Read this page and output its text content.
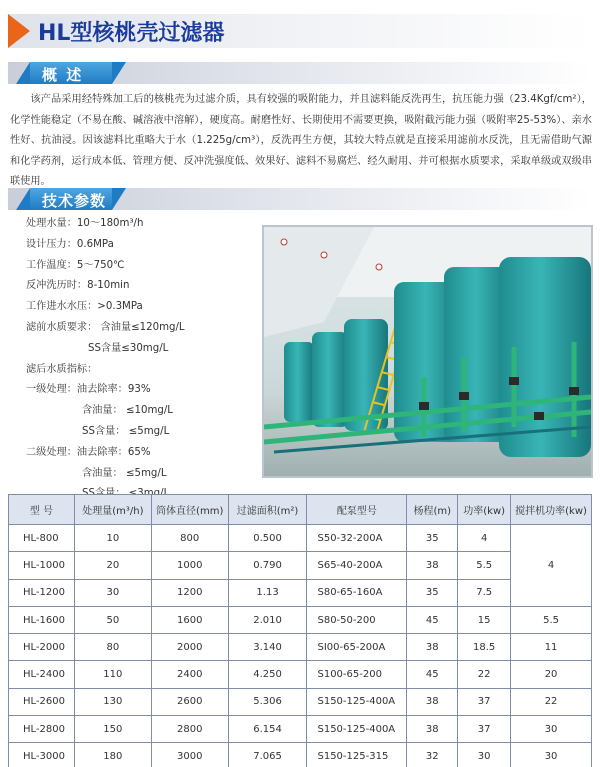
HL型核桃壳过滤器
概 述

该产品采用经特殊加工后的核桃壳为过滤介质，具有较强的吸附能力，并且滤料能反洗再生，抗压能力强（23.4Kgf/cm²），化学性能稳定（不易在酸、碱溶液中溶解），硬度高。耐磨性好、长期使用不需要更换，吸附截污能力强（吸附率25-53%）、亲水性好、抗油浸。因该滤料比重略大于水（1.225g/cm³），反洗再生方便，其较大特点就是直接采用滤前水反洗，且无需借助气源和化学药剂，运行成本低、管理方便、反冲洗强度低、效果好、滤料不易腐烂、经久耐用、并可根据水质要求，采取单级或双级串联使用。

技术参数
处理水量：10～180m³/h
设计压力：0.6MPa
工作温度：5～750℃
反冲洗历时：8-10min
工作进水水压：>0.3MPa
滤前水质要求： 含油量≤120mg/L
SS含量≤30mg/L
滤后水质指标：
一级处理：油去除率：93%
含油量： ≤10mg/L
SS含量： ≤5mg/L
二级处理：油去除率：65%
含油量： ≤5mg/L
型 号	处理量(m³/h)	筒体直径(mm)	过滤面积(m²)	配泵型号	杨程(m)	功率(kw)	搅拌机功率(kw)
HL-800	10	800	0.500	S50-32-200A	35	4	4
HL-1000	20	1000	0.790	S65-40-200A	38	5.5	
HL-1200	30	1200	1.13	S80-65-160A	35	7.5	
HL-1600	50	1600	2.010	S80-50-200	45	15	5.5
HL-2000	80	2000	3.140	SI00-65-200A	38	18.5	11
HL-2400	110	2400	4.250	S100-65-200	45	22	20
HL-2600	130	2600	5.306	S150-125-400A	38	37	22
HL-2800	150	2800	6.154	S150-125-400A	38	37	30
HL-3000	180	3000	7.065	S150-125-315	32	30	30
